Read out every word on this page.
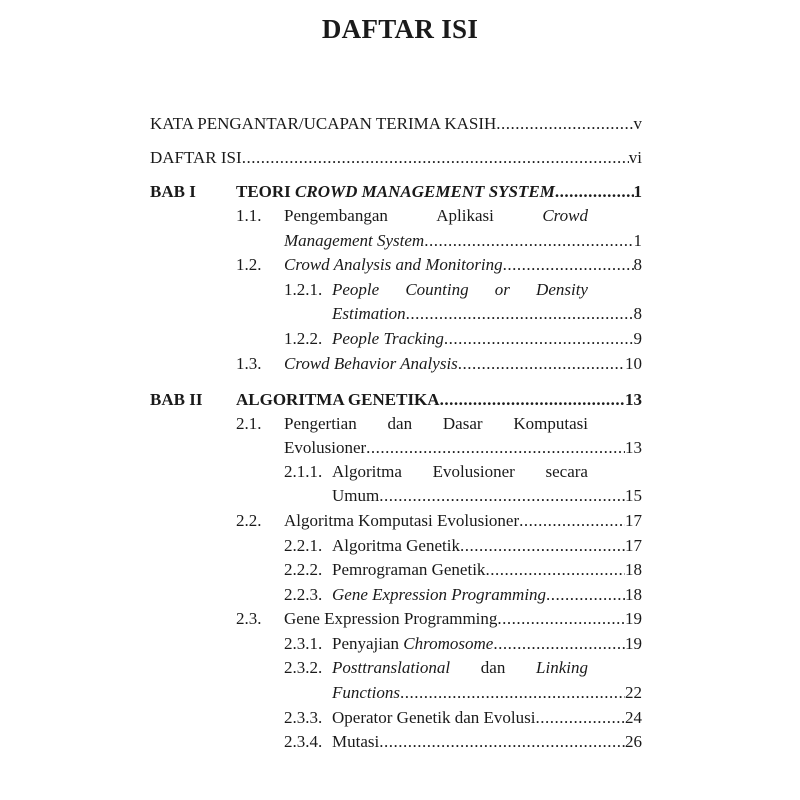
DAFTAR ISI
KATA PENGANTAR/UCAPAN TERIMA KASIH .....	v
DAFTAR ISI .....	vi
BAB I TEORI CROWD MANAGEMENT SYSTEM .....	1
1.1. Pengembangan	Aplikasi	Crowd
Management System .....	1
1.2. Crowd Analysis and Monitoring .....	8
1.2.1. People Counting or Density
Estimation .....	8
1.2.2. People Tracking .....	9
1.3. Crowd Behavior Analysis .....	10
BAB II ALGORITMA GENETIKA .....	13
2.1. Pengertian dan Dasar Komputasi
Evolusioner .....	13
2.1.1. Algoritma Evolusioner secara
Umum .....	15
2.2. Algoritma Komputasi Evolusioner .....	17
2.2.1. Algoritma Genetik .....	17
2.2.2. Pemrograman Genetik .....	18
2.2.3. Gene Expression Programming .....	18
2.3. Gene Expression Programming .....	19
2.3.1. Penyajian Chromosome .....	19
2.3.2. Posttranslational dan Linking
Functions .....	22
2.3.3. Operator Genetik dan Evolusi .....	24
2.3.4. Mutasi .....	26
